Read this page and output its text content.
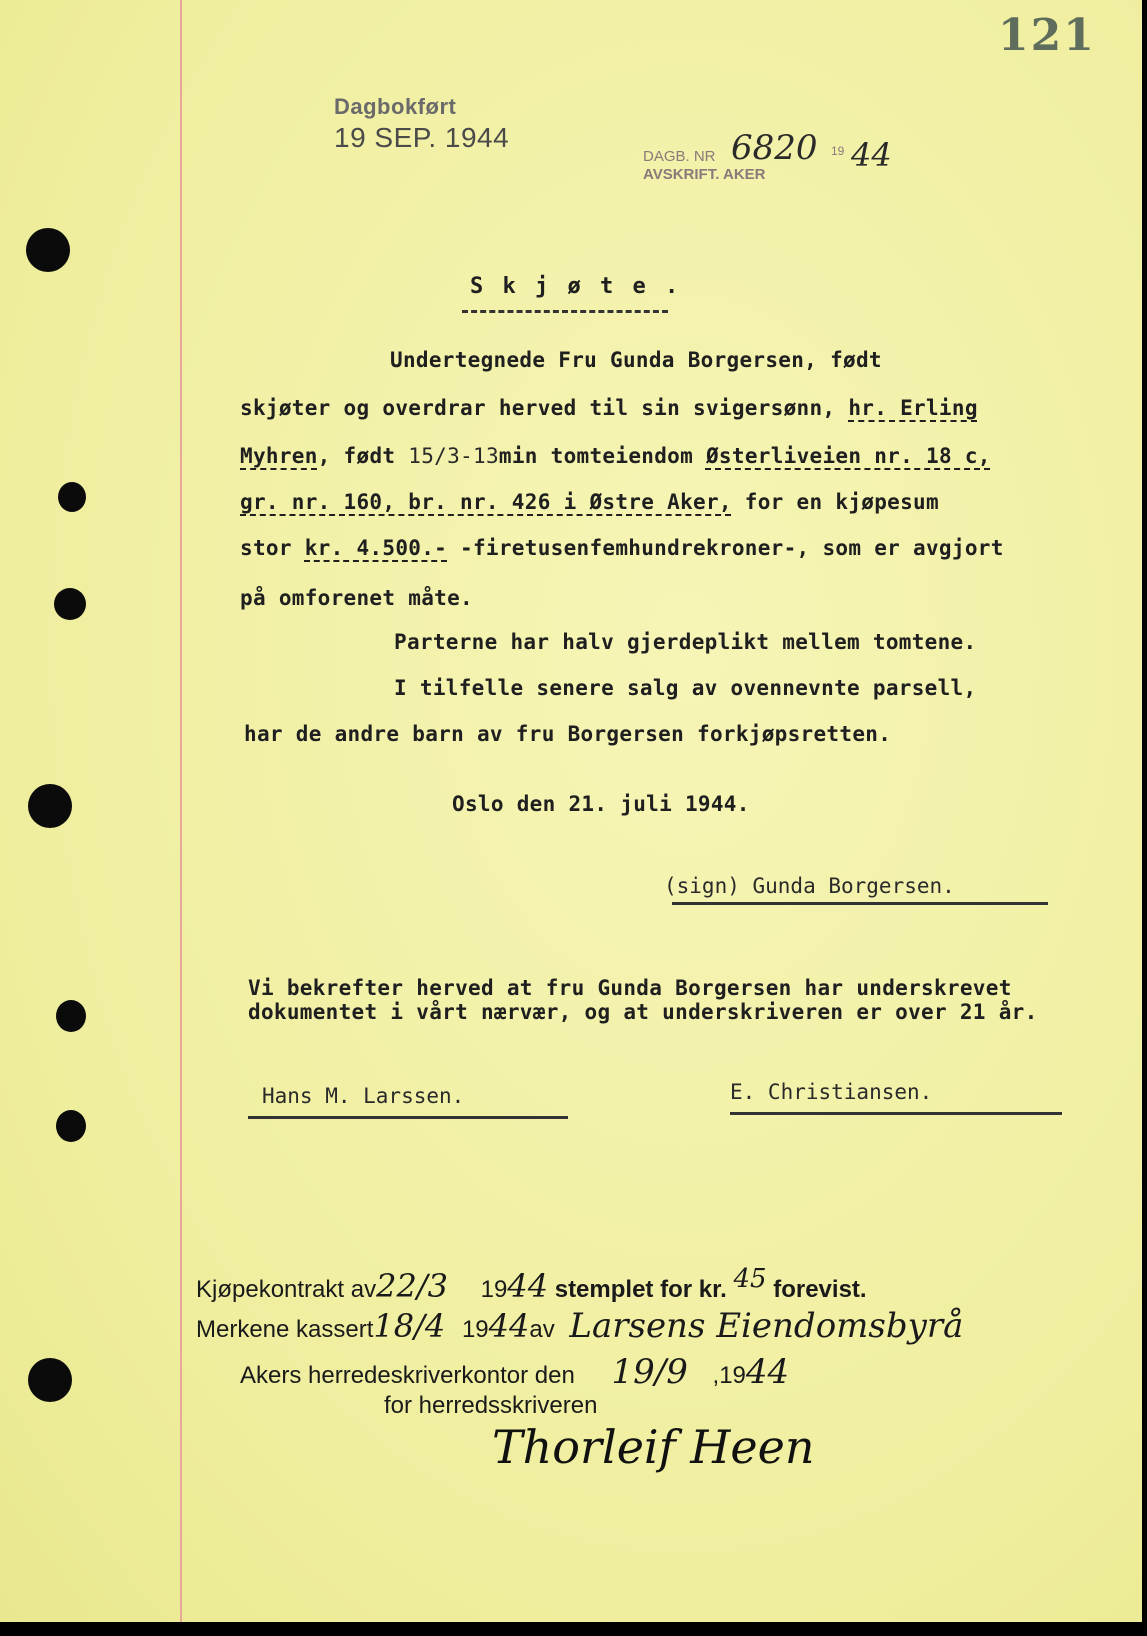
121
Dagbokført
19 SEP. 1944
DAGB. NR 6820 19 44
AVSKRIFT. AKER
S k j ø t e .
Undertegnede Fru Gunda Borgersen, født
skjøter og overdrar herved til sin svigersønn, hr. Erling
Myhren, født 15/3-13min tomteiendom Østerliveien nr. 18 c,
gr. nr. 160, br. nr. 426 i Østre Aker, for en kjøpesum
stor kr. 4.500.- -firetusenfemhundrekroner-, som er avgjort
på omforenet måte.
Parterne har halv gjerdeplikt mellem tomtene.
I tilfelle senere salg av ovennevnte parsell,
har de andre barn av fru Borgersen forkjøpsretten.
Oslo den 21. juli 1944.
(sign) Gunda Borgersen.
Vi bekrefter herved at fru Gunda Borgersen har underskrevet
dokumentet i vårt nærvær, og at underskriveren er over 21 år.
Hans M. Larssen.	E. Christiansen.
Kjøpekontrakt av22/3 1944 stemplet for kr. 45 forevist.
Merkene kassert18/4 1944av Larsens Eiendomsbyrå
Akers herredeskriverkontor den 19/9 ,1944
for herredsskriveren
Thorleif Heen
